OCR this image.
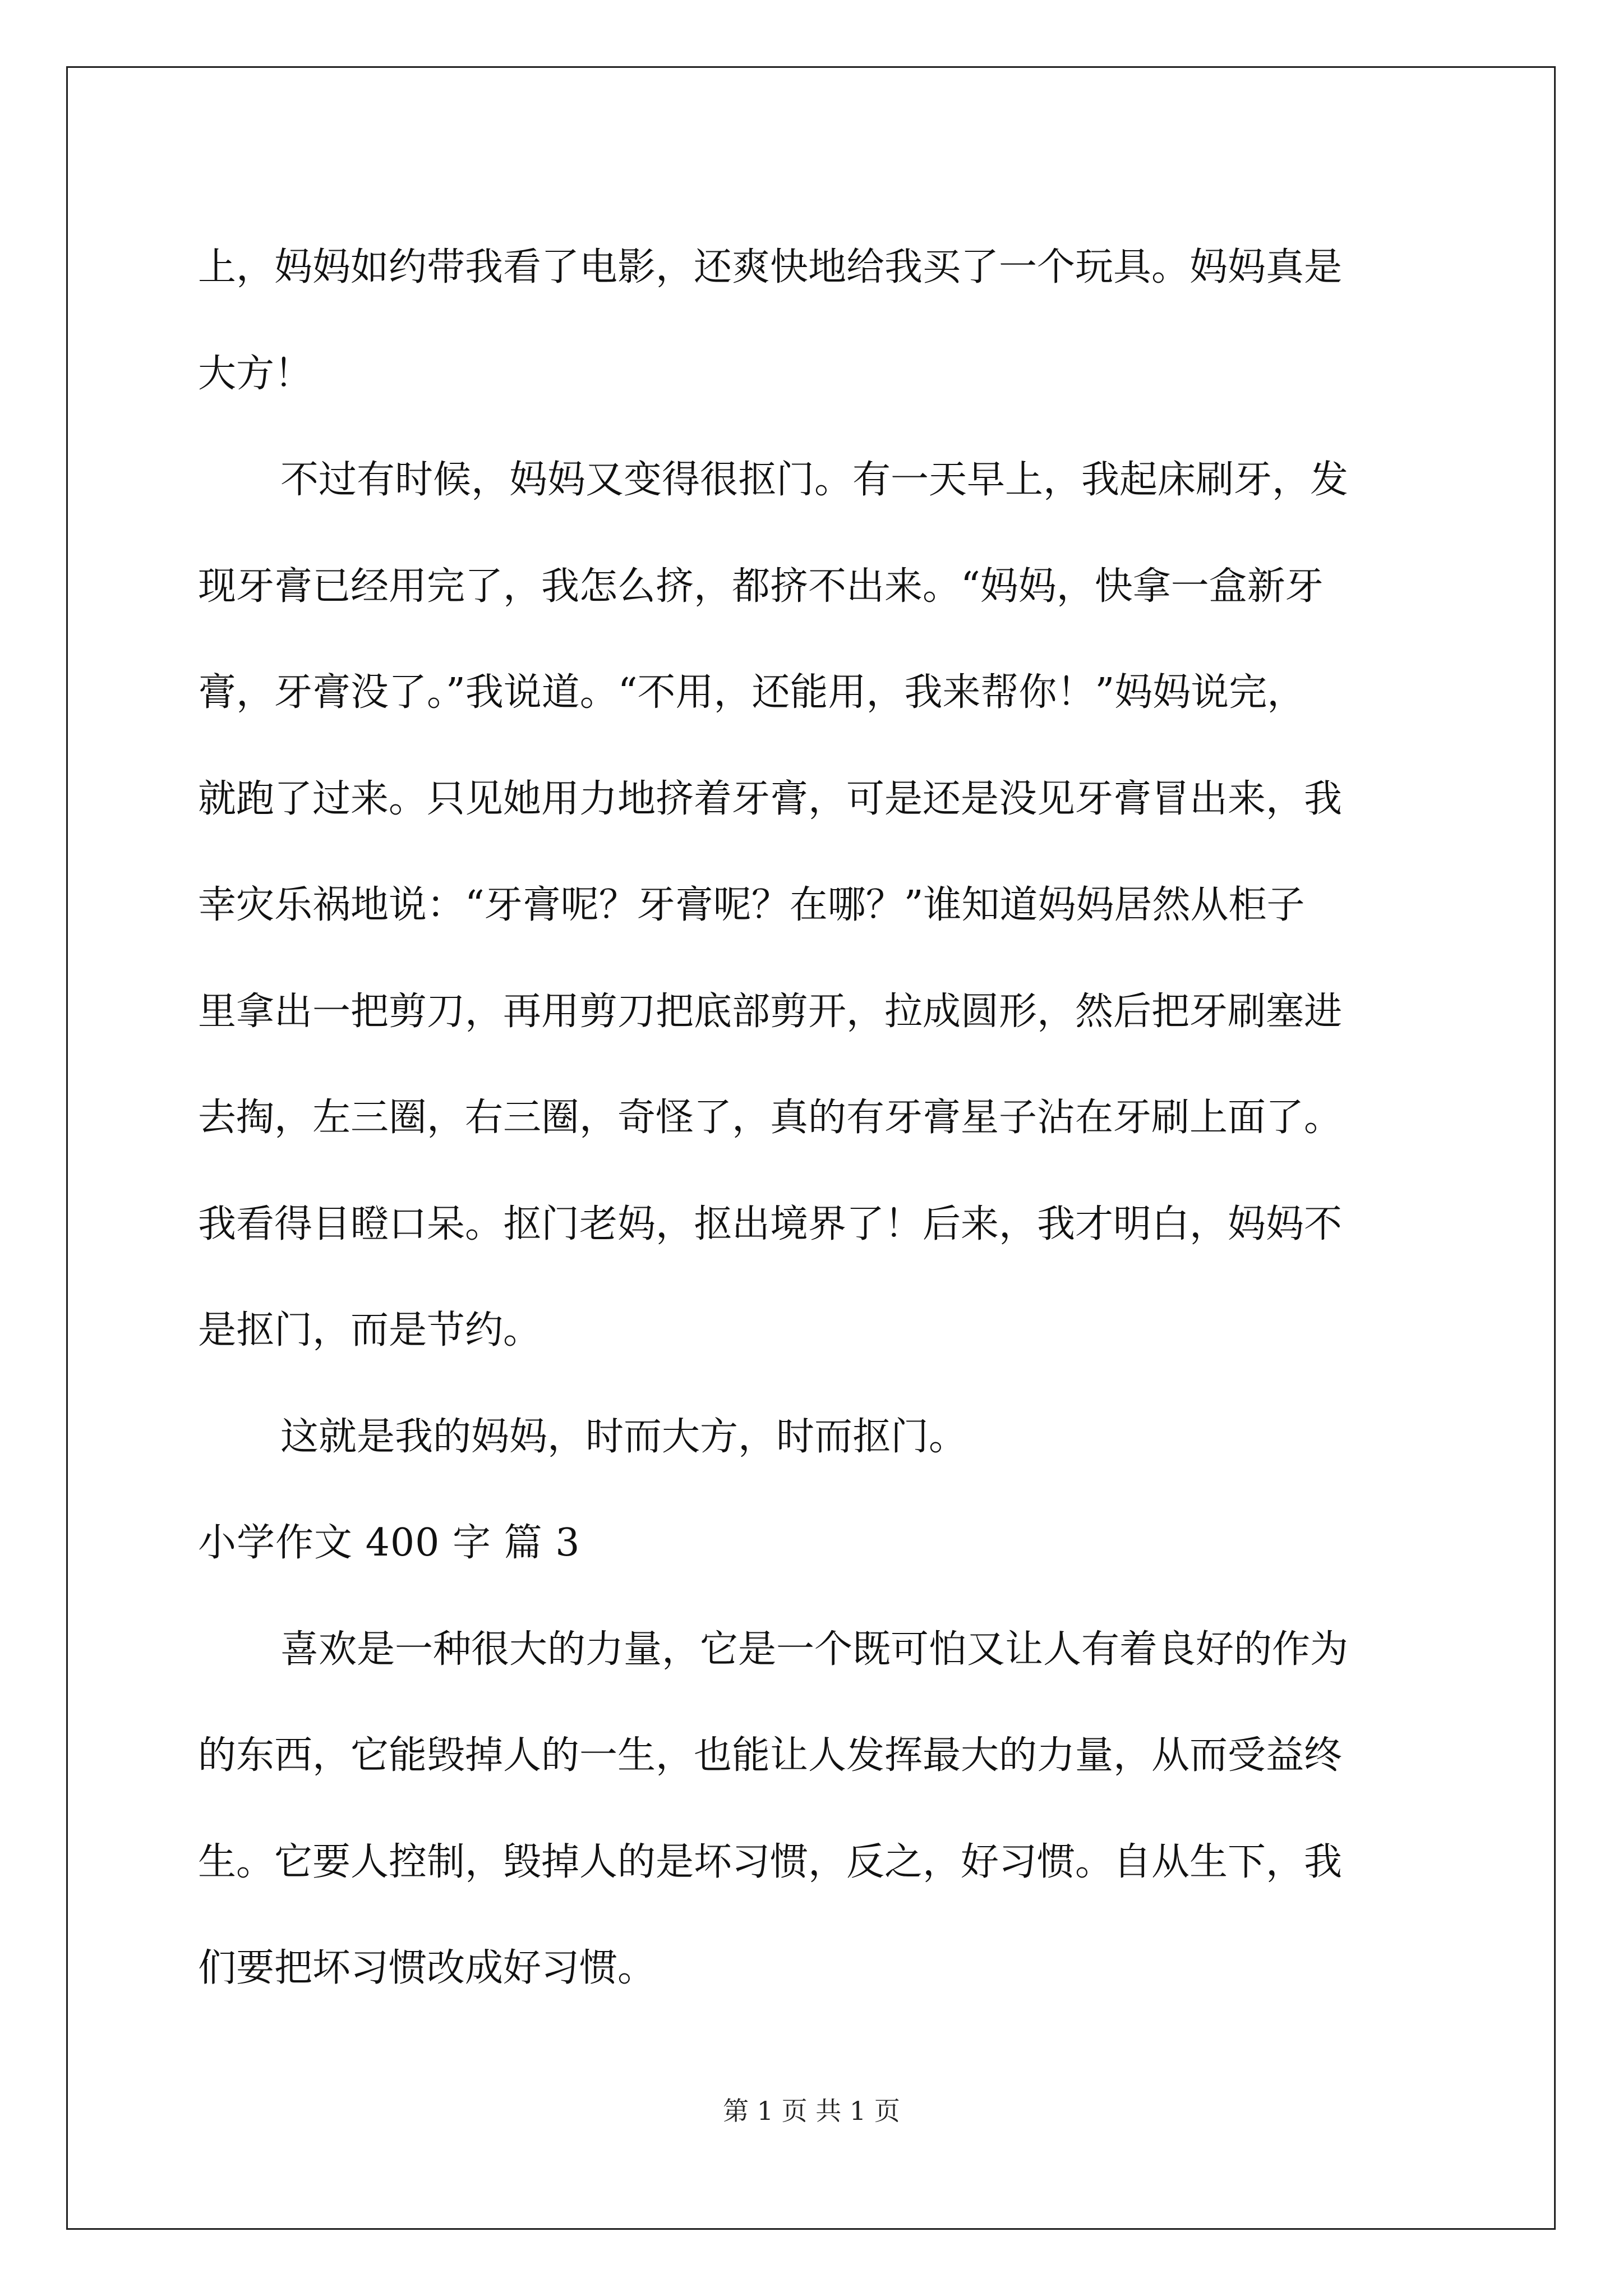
上，妈妈如约带我看了电影，还爽快地给我买了一个玩具。妈妈真是
大方！
不过有时候，妈妈又变得很抠门。有一天早上，我起床刷牙，发
现牙膏已经用完了，我怎么挤，都挤不出来。“妈妈，快拿一盒新牙
膏，牙膏没了。”我说道。“不用，还能用，我来帮你！”妈妈说完，
就跑了过来。只见她用力地挤着牙膏，可是还是没见牙膏冒出来，我
幸灾乐祸地说：“牙膏呢？牙膏呢？在哪？”谁知道妈妈居然从柜子
里拿出一把剪刀，再用剪刀把底部剪开，拉成圆形，然后把牙刷塞进
去掏，左三圈，右三圈，奇怪了，真的有牙膏星子沾在牙刷上面了。
我看得目瞪口呆。抠门老妈，抠出境界了！后来，我才明白，妈妈不
是抠门，而是节约。
这就是我的妈妈，时而大方，时而抠门。
小学作文 400 字 篇 3
喜欢是一种很大的力量，它是一个既可怕又让人有着良好的作为
的东西，它能毁掉人的一生，也能让人发挥最大的力量，从而受益终
生。它要人控制，毁掉人的是坏习惯，反之，好习惯。自从生下，我
们要把坏习惯改成好习惯。
第 1 页 共 1 页
